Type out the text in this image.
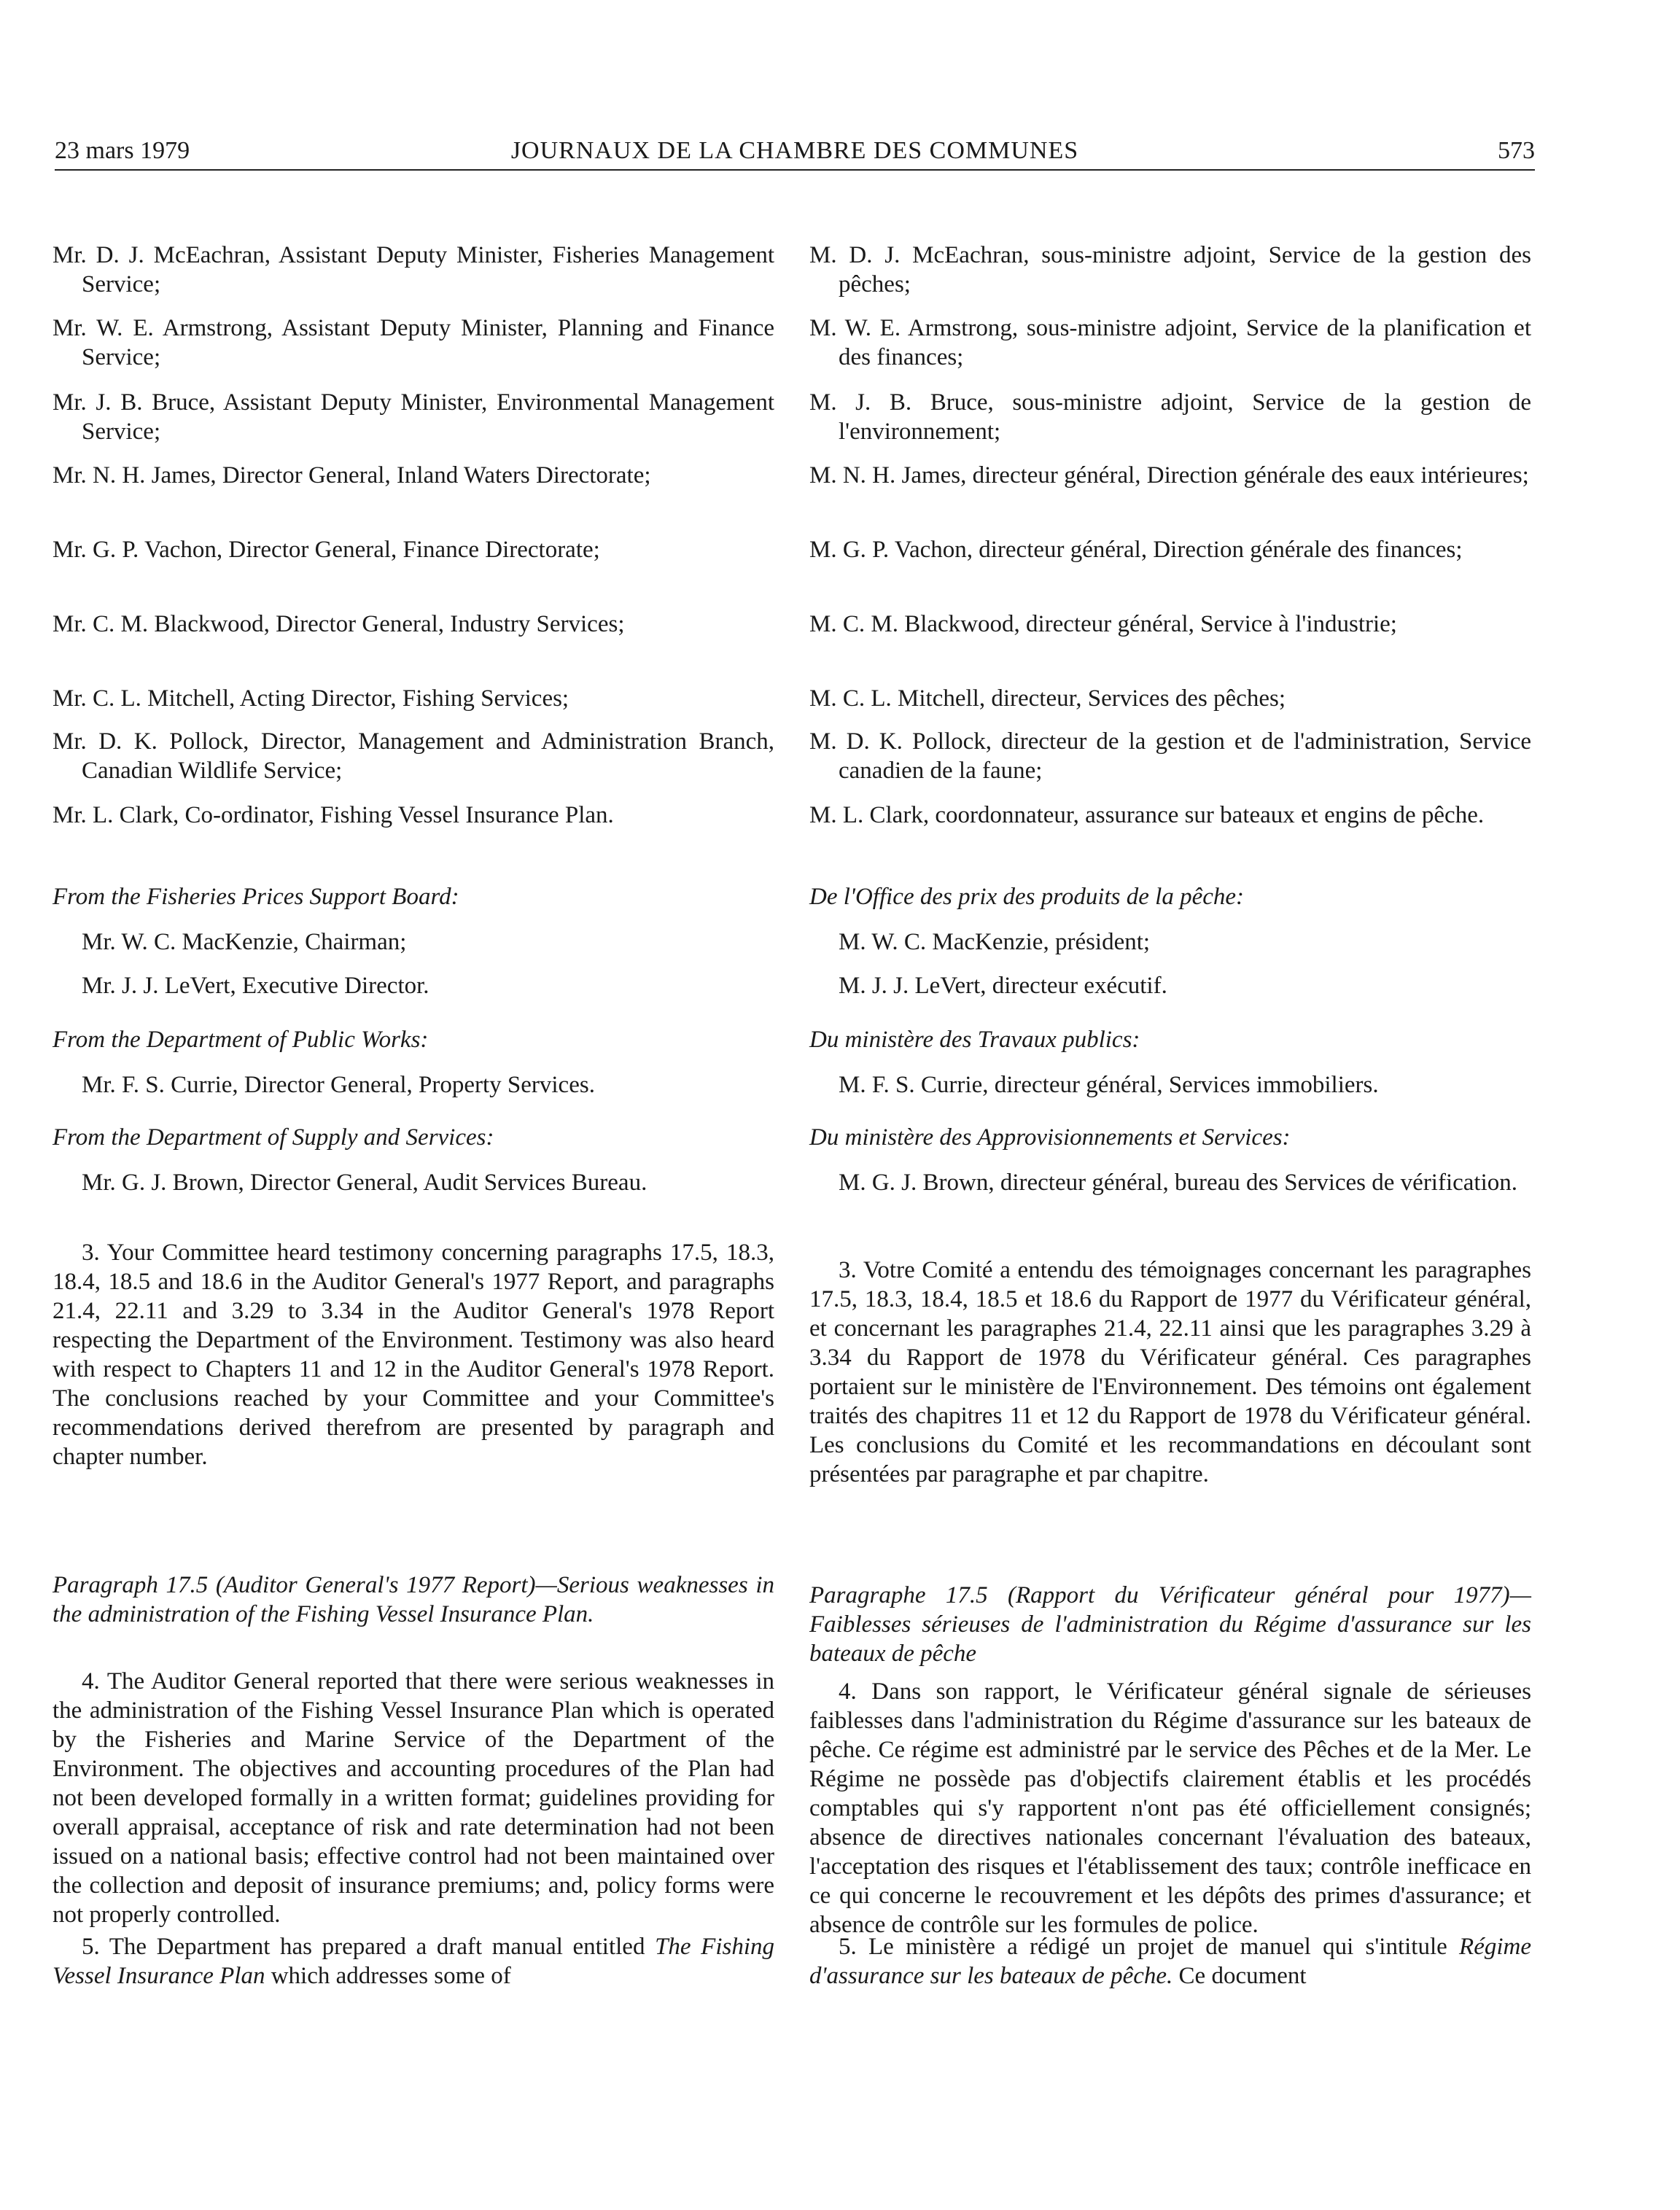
23 mars 1979	JOURNAUX DE LA CHAMBRE DES COMMUNES	573
Mr. D. J. McEachran, Assistant Deputy Minister, Fisheries Management Service;
Mr. W. E. Armstrong, Assistant Deputy Minister, Planning and Finance Service;
Mr. J. B. Bruce, Assistant Deputy Minister, Environmental Management Service;
Mr. N. H. James, Director General, Inland Waters Directorate;
Mr. G. P. Vachon, Director General, Finance Directorate;
Mr. C. M. Blackwood, Director General, Industry Services;
Mr. C. L. Mitchell, Acting Director, Fishing Services;
Mr. D. K. Pollock, Director, Management and Administration Branch, Canadian Wildlife Service;
Mr. L. Clark, Co-ordinator, Fishing Vessel Insurance Plan.
From the Fisheries Prices Support Board:
Mr. W. C. MacKenzie, Chairman;
Mr. J. J. LeVert, Executive Director.
From the Department of Public Works:
Mr. F. S. Currie, Director General, Property Services.
From the Department of Supply and Services:
Mr. G. J. Brown, Director General, Audit Services Bureau.
3. Your Committee heard testimony concerning paragraphs 17.5, 18.3, 18.4, 18.5 and 18.6 in the Auditor General's 1977 Report, and paragraphs 21.4, 22.11 and 3.29 to 3.34 in the Auditor General's 1978 Report respecting the Department of the Environment. Testimony was also heard with respect to Chapters 11 and 12 in the Auditor General's 1978 Report. The conclusions reached by your Committee and your Committee's recommendations derived therefrom are presented by paragraph and chapter number.
Paragraph 17.5 (Auditor General's 1977 Report)—Serious weaknesses in the administration of the Fishing Vessel Insurance Plan.
4. The Auditor General reported that there were serious weaknesses in the administration of the Fishing Vessel Insurance Plan which is operated by the Fisheries and Marine Service of the Department of the Environment. The objectives and accounting procedures of the Plan had not been developed formally in a written format; guidelines providing for overall appraisal, acceptance of risk and rate determination had not been issued on a national basis; effective control had not been maintained over the collection and deposit of insurance premiums; and, policy forms were not properly controlled.
5. The Department has prepared a draft manual entitled The Fishing Vessel Insurance Plan which addresses some of
M. D. J. McEachran, sous-ministre adjoint, Service de la gestion des pêches;
M. W. E. Armstrong, sous-ministre adjoint, Service de la planification et des finances;
M. J. B. Bruce, sous-ministre adjoint, Service de la gestion de l'environnement;
M. N. H. James, directeur général, Direction générale des eaux intérieures;
M. G. P. Vachon, directeur général, Direction générale des finances;
M. C. M. Blackwood, directeur général, Service à l'industrie;
M. C. L. Mitchell, directeur, Services des pêches;
M. D. K. Pollock, directeur de la gestion et de l'administration, Service canadien de la faune;
M. L. Clark, coordonnateur, assurance sur bateaux et engins de pêche.
De l'Office des prix des produits de la pêche:
M. W. C. MacKenzie, président;
M. J. J. LeVert, directeur exécutif.
Du ministère des Travaux publics:
M. F. S. Currie, directeur général, Services immobiliers.
Du ministère des Approvisionnements et Services:
M. G. J. Brown, directeur général, bureau des Services de vérification.
3. Votre Comité a entendu des témoignages concernant les paragraphes 17.5, 18.3, 18.4, 18.5 et 18.6 du Rapport de 1977 du Vérificateur général, et concernant les paragraphes 21.4, 22.11 ainsi que les paragraphes 3.29 à 3.34 du Rapport de 1978 du Vérificateur général. Ces paragraphes portaient sur le ministère de l'Environnement. Des témoins ont également traités des chapitres 11 et 12 du Rapport de 1978 du Vérificateur général. Les conclusions du Comité et les recommandations en découlant sont présentées par paragraphe et par chapitre.
Paragraphe 17.5 (Rapport du Vérificateur général pour 1977)—Faiblesses sérieuses de l'administration du Régime d'assurance sur les bateaux de pêche
4. Dans son rapport, le Vérificateur général signale de sérieuses faiblesses dans l'administration du Régime d'assurance sur les bateaux de pêche. Ce régime est administré par le service des Pêches et de la Mer. Le Régime ne possède pas d'objectifs clairement établis et les procédés comptables qui s'y rapportent n'ont pas été officiellement consignés; absence de directives nationales concernant l'évaluation des bateaux, l'acceptation des risques et l'établissement des taux; contrôle inefficace en ce qui concerne le recouvrement et les dépôts des primes d'assurance; et absence de contrôle sur les formules de police.
5. Le ministère a rédigé un projet de manuel qui s'intitule Régime d'assurance sur les bateaux de pêche. Ce document
